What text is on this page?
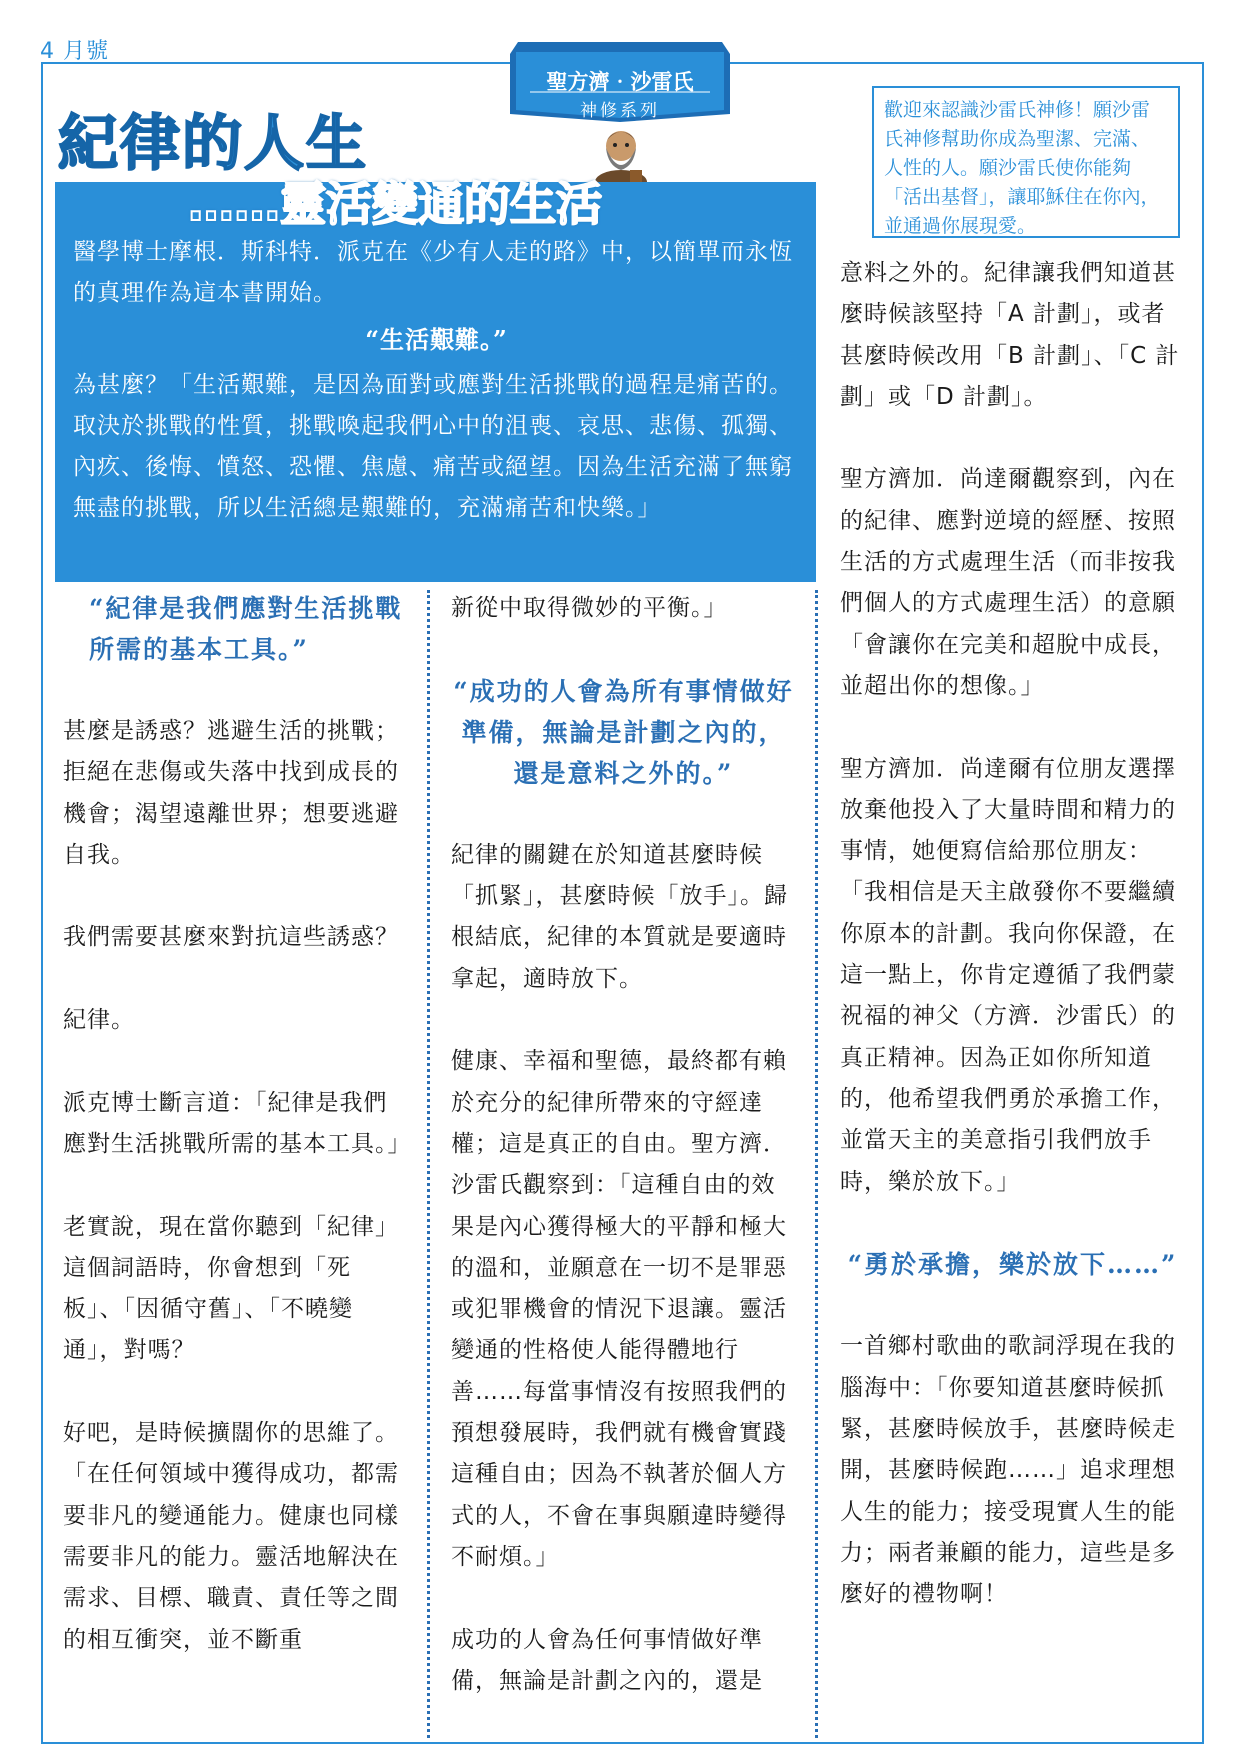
4 月號
聖方濟‧沙雷氏
神修系列	歡迎來認識沙雷氏神修！願沙雷氏神修幫助你成為聖潔、完滿、人性的人。願沙雷氏使你能夠「活出基督」，讓耶穌住在你內，並通過你展現愛。

醫學博士摩根．斯科特．派克在《少有人走的路》中，以簡單而永恆的真理作為這本書開始。

“生活艱難。”

為甚麼？「生活艱難，是因為面對或應對生活挑戰的過程是痛苦的。取決於挑戰的性質，挑戰喚起我們心中的沮喪、哀思、悲傷、孤獨、內疚、後悔、憤怒、恐懼、焦慮、痛苦或絕望。因為生活充滿了無窮無盡的挑戰，所以生活總是艱難的，充滿痛苦和快樂。」

紀律的人生
……靈活變通的生活

“紀律是我們應對生活挑戰所需的基本工具。”

甚麼是誘惑？逃避生活的挑戰；拒絕在悲傷或失落中找到成長的機會；渴望遠離世界；想要逃避自我。

我們需要甚麼來對抗這些誘惑？

紀律。

派克博士斷言道：「紀律是我們應對生活挑戰所需的基本工具。」

老實說，現在當你聽到「紀律」這個詞語時，你會想到「死板」、「因循守舊」、「不曉變通」，對嗎？

好吧，是時候擴闊你的思維了。「在任何領域中獲得成功，都需要非凡的變通能力。健康也同樣需要非凡的能力。靈活地解決在需求、目標、職責、責任等之間的相互衝突，並不斷重

新從中取得微妙的平衡。」

“成功的人會為所有事情做好準備，無論是計劃之內的，還是意料之外的。”

紀律的關鍵在於知道甚麼時候「抓緊」，甚麼時候「放手」。歸根結底，紀律的本質就是要適時拿起，適時放下。

健康、幸福和聖德，最終都有賴於充分的紀律所帶來的守經達權；這是真正的自由。聖方濟．沙雷氏觀察到：「這種自由的效果是內心獲得極大的平靜和極大的溫和，並願意在一切不是罪惡或犯罪機會的情況下退讓。靈活變通的性格使人能得體地行善……每當事情沒有按照我們的預想發展時，我們就有機會實踐這種自由；因為不執著於個人方式的人，不會在事與願違時變得不耐煩。」

成功的人會為任何事情做好準備，無論是計劃之內的，還是

意料之外的。紀律讓我們知道甚麼時候該堅持「A 計劃」，或者甚麼時候改用「B 計劃」、「C 計劃」或「D 計劃」。

聖方濟加．尚達爾觀察到，內在的紀律、應對逆境的經歷、按照生活的方式處理生活（而非按我們個人的方式處理生活）的意願「會讓你在完美和超脫中成長，並超出你的想像。」

聖方濟加．尚達爾有位朋友選擇放棄他投入了大量時間和精力的事情，她便寫信給那位朋友：「我相信是天主啟發你不要繼續你原本的計劃。我向你保證，在這一點上，你肯定遵循了我們蒙祝福的神父（方濟．沙雷氏）的真正精神。因為正如你所知道的，他希望我們勇於承擔工作，並當天主的美意指引我們放手時，樂於放下。」

“勇於承擔，樂於放下……”

一首鄉村歌曲的歌詞浮現在我的腦海中：「你要知道甚麼時候抓緊，甚麼時候放手，甚麼時候走開，甚麼時候跑……」追求理想人生的能力；接受現實人生的能力；兩者兼顧的能力，這些是多麼好的禮物啊！
